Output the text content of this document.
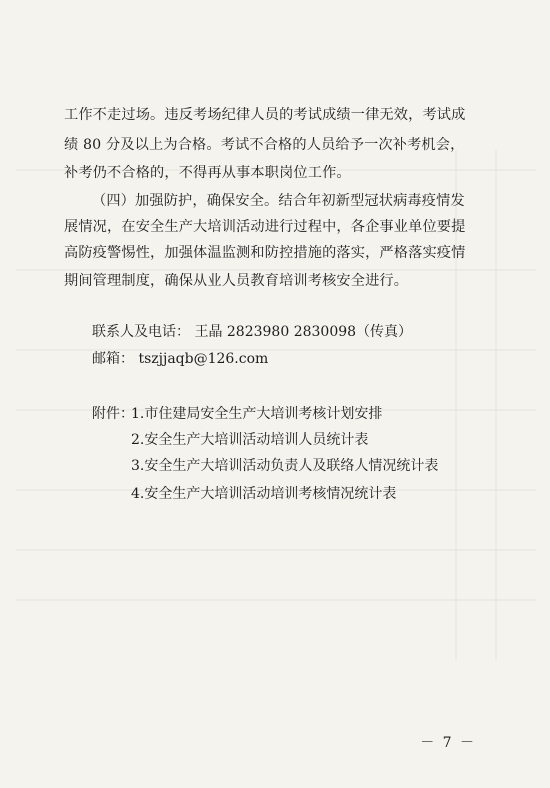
工作不走过场。违反考场纪律人员的考试成绩一律无效，考试成
绩 80 分及以上为合格。考试不合格的人员给予一次补考机会，
补考仍不合格的，不得再从事本职岗位工作。
（四）加强防护，确保安全。结合年初新型冠状病毒疫情发
展情况，在安全生产大培训活动进行过程中，各企事业单位要提
高防疫警惕性，加强体温监测和防控措施的落实，严格落实疫情
期间管理制度，确保从业人员教育培训考核安全进行。
联系人及电话： 王晶 2823980 2830098（传真）
邮箱： tszjjaqb@126.com
附件：
1.市住建局安全生产大培训考核计划安排
2.安全生产大培训活动培训人员统计表
3.安全生产大培训活动负责人及联络人情况统计表
4.安全生产大培训活动培训考核情况统计表
－ 7 －
